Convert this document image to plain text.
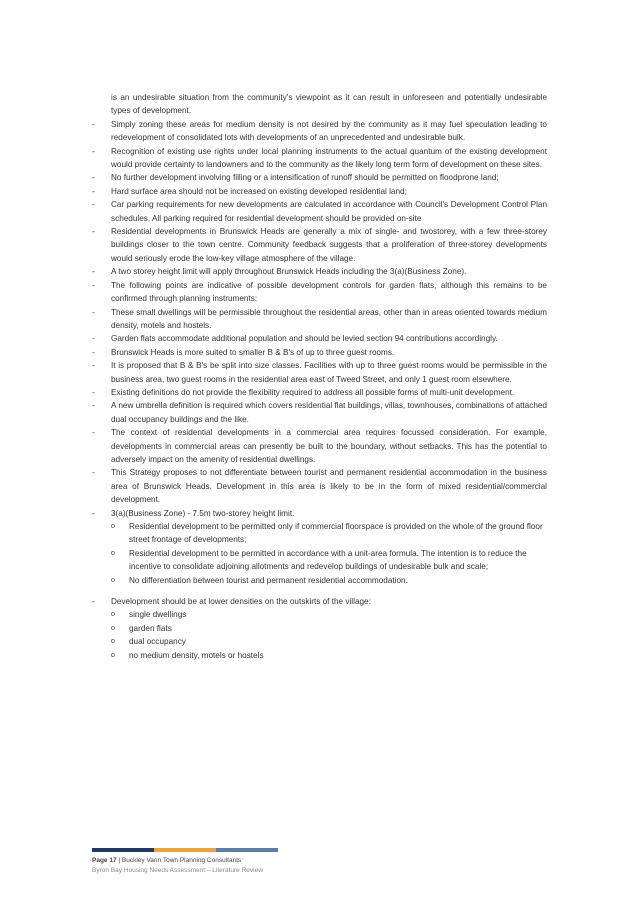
is an undesirable situation from the community's viewpoint as it can result in unforeseen and potentially undesirable types of development.
-	Simply zoning these areas for medium density is not desired by the community as it may fuel speculation leading to redevelopment of consolidated lots with developments of an unprecedented and undesirable bulk.
-	Recognition of existing use rights under local planning instruments to the actual quantum of the existing development would provide certainty to landowners and to the community as the likely long term form of development on these sites.
-	No further development involving filling or a intensification of runoff should be permitted on floodprone land;
-	Hard surface area should not be increased on existing developed residential land;
-	Car parking requirements for new developments are calculated in accordance with Council's Development Control Plan schedules. All parking required for residential development should be provided on-site
-	Residential developments in Brunswick Heads are generally a mix of single- and twostorey, with a few three-storey buildings closer to the town centre. Community feedback suggests that a proliferation of three-storey developments would seriously erode the low-key village atmosphere of the village.
-	A two storey height limit will apply throughout Brunswick Heads including the 3(a)(Business Zone).
-	The following points are indicative of possible development controls for garden flats, although this remains to be confirmed through planning instruments:
-	These small dwellings will be permissible throughout the residential areas, other than in areas oriented towards medium density, motels and hostels.
-	Garden flats accommodate additional population and should be levied section 94 contributions accordingly.
-	Brunswick Heads is more suited to smaller B & B's of up to three guest rooms.
-	It is proposed that B & B's be split into size classes. Facilities with up to three guest rooms would be permissible in the business area, two guest rooms in the residential area east of Tweed Street, and only 1 guest room elsewhere.
-	Existing definitions do not provide the flexibility required to address all possible forms of multi-unit development.
-	A new umbrella definition is required which covers residential flat buildings, villas, townhouses, combinations of attached dual occupancy buildings and the like.
-	The context of residential developments in a commercial area requires focussed consideration. For example, developments in commercial areas can presently be built to the boundary, without setbacks. This has the potential to adversely impact on the amenity of residential dwellings.
-	This Strategy proposes to not differentiate between tourist and permanent residential accommodation in the business area of Brunswick Heads. Development in this area is likely to be in the form of mixed residential/commercial development.
-	3(a)(Business Zone) - 7.5m two-storey height limit.
o	Residential development to be permitted only if commercial floorspace is provided on the whole of the ground floor street frontage of developments;
o	Residential development to be permitted in accordance with a unit-area formula. The intention is to reduce the incentive to consolidate adjoining allotments and redevelop buildings of undesirable bulk and scale;
o	No differentiation between tourist and permanent residential accommodation.
-	Development should be at lower densities on the outskirts of the village:
o	single dwellings
o	garden flats
o	dual occupancy
o	no medium density, motels or hostels
Page 17 | Buckley Vann Town Planning Consultants
Byron Bay Housing Needs Assessment – Literature Review
